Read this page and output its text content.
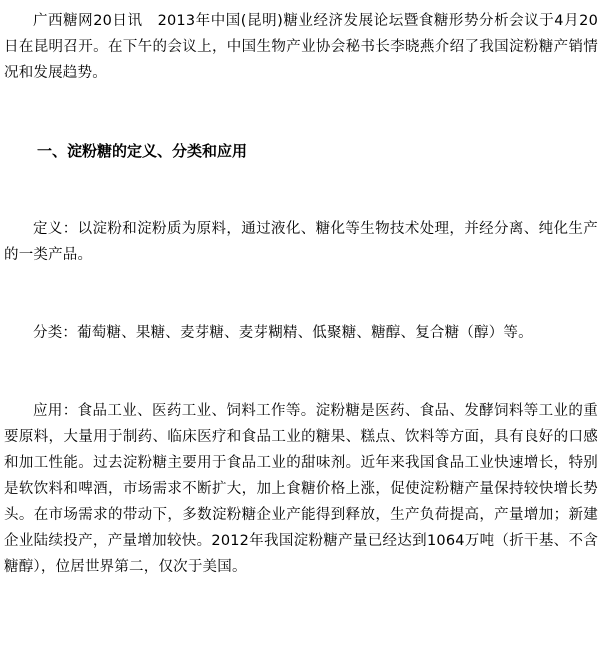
广西糖网20日讯　2013年中国(昆明)糖业经济发展论坛暨食糖形势分析会议于4月20日在昆明召开。在下午的会议上，中国生物产业协会秘书长李晓燕介绍了我国淀粉糖产销情况和发展趋势。

一、淀粉糖的定义、分类和应用

定义：以淀粉和淀粉质为原料，通过液化、糖化等生物技术处理，并经分离、纯化生产的一类产品。

分类：葡萄糖、果糖、麦芽糖、麦芽糊精、低聚糖、糖醇、复合糖（醇）等。

应用：食品工业、医药工业、饲料工作等。淀粉糖是医药、食品、发酵饲料等工业的重要原料，大量用于制药、临床医疗和食品工业的糖果、糕点、饮料等方面，具有良好的口感和加工性能。过去淀粉糖主要用于食品工业的甜味剂。近年来我国食品工业快速增长，特别是软饮料和啤酒，市场需求不断扩大，加上食糖价格上涨，促使淀粉糖产量保持较快增长势头。在市场需求的带动下，多数淀粉糖企业产能得到释放，生产负荷提高，产量增加；新建企业陆续投产，产量增加较快。2012年我国淀粉糖产量已经达到1064万吨（折干基、不含糖醇），位居世界第二，仅次于美国。
